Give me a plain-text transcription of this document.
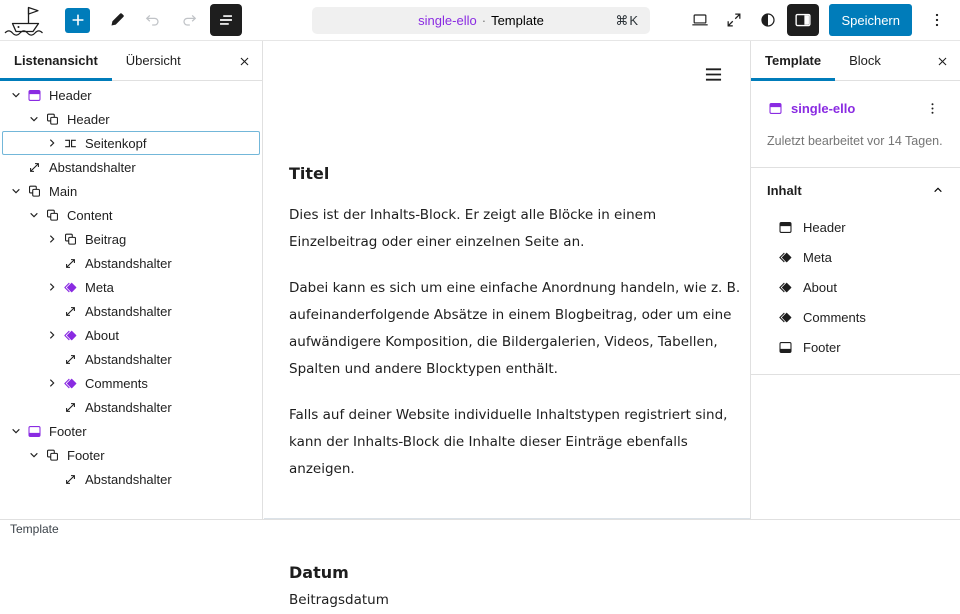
single-ello · Template	⌘K	Speichern
Listenansicht	Übersicht
Header
Header
Seitenkopf
Abstandshalter
Main
Content
Beitrag
Abstandshalter
Meta
Abstandshalter
About
Abstandshalter
Comments
Abstandshalter
Footer
Footer
Abstandshalter
Titel

Dies ist der Inhalts-Block. Er zeigt alle Blöcke in einem Einzelbeitrag oder einer einzelnen Seite an.

Dabei kann es sich um eine einfache Anordnung handeln, wie z. B. aufeinanderfolgende Absätze in einem Blogbeitrag, oder um eine aufwändigere Komposition, die Bildergalerien, Videos, Tabellen, Spalten und andere Blocktypen enthält.

Falls auf deiner Website individuelle Inhaltstypen registriert sind, kann der Inhalts-Block die Inhalte dieser Einträge ebenfalls anzeigen.

Datum
Beitragsdatum
Template	Block
single-ello
Zuletzt bearbeitet vor 14 Tagen.
Inhalt
Header
Meta
About
Comments
Footer
Template
